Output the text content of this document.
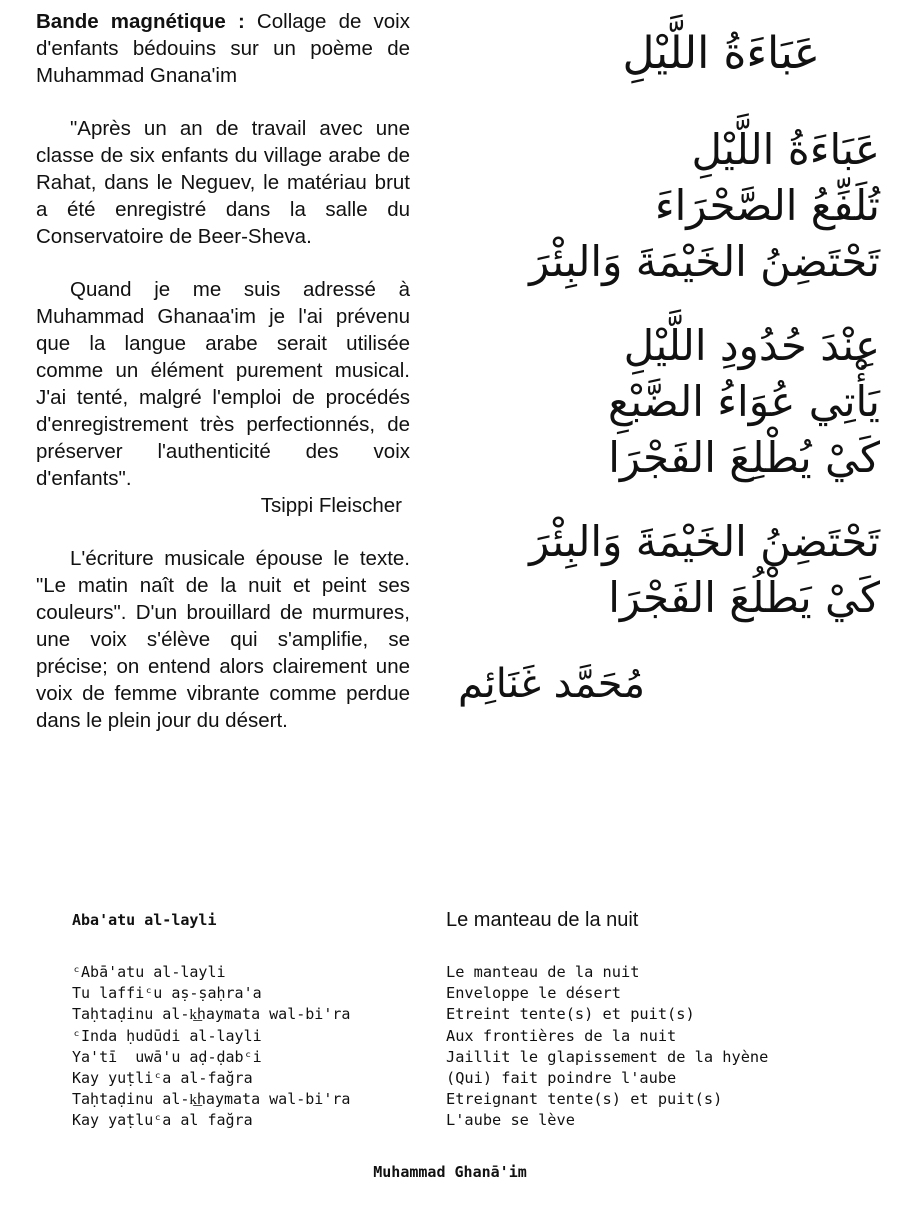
Bande magnétique : Collage de voix d'enfants bédouins sur un poème de Muhammad Gnana'im

"Après un an de travail avec une classe de six enfants du village arabe de Rahat, dans le Neguev, le matériau brut a été enregistré dans la salle du Conservatoire de Beer-Sheva.

Quand je me suis adressé à Muhammad Ghanaa'im je l'ai prévenu que la langue arabe serait utilisée comme un élément purement musical. J'ai tenté, malgré l'emploi de procédés d'enregistrement très perfectionnés, de préserver l'authenticité des voix d'enfants".

Tsippi Fleischer

L'écriture musicale épouse le texte. "Le matin naît de la nuit et peint ses couleurs". D'un brouillard de murmures, une voix s'élève qui s'amplifie, se précise; on entend alors clairement une voix de femme vibrante comme perdue dans le plein jour du désert.

عَبَاءَةُ اللَّيْلِ
عَبَاءَةُ اللَّيْلِ
تُلَفِّعُ الصَّحْرَاءَ
تَحْتَضِنُ الخَيْمَةَ وَالبِئْرَ
عِنْدَ حُدُودِ اللَّيْلِ
يَأْتِي عُوَاءُ الضَّبْعِ
كَيْ يُطْلِعَ الفَجْرَا
تَحْتَضِنُ الخَيْمَةَ وَالبِئْرَ
كَيْ يَطْلُعَ الفَجْرَا
مُحَمَّد غَنَائِم
Aba'atu al-layli
ᶜAbā'atu al-layli
Tu laffiᶜu aṣ-ṣaḥra'a
Taḥtaḍinu al-k͟haymata wal-bi'ra
ᶜInda ḥudūdi al-layli
Ya'tī  uwā'u aḍ-ḍabᶜi
Kay yuṭliᶜa al-fağra
Taḥtaḍinu al-k͟haymata wal-bi'ra
Kay yaṭluᶜa al fağra
Le manteau de la nuit
Le manteau de la nuit
Enveloppe le désert
Etreint tente(s) et puit(s)
Aux frontières de la nuit
Jaillit le glapissement de la hyène
(Qui) fait poindre l'aube
Etreignant tente(s) et puit(s)
L'aube se lève
Muhammad Ghanā'im
